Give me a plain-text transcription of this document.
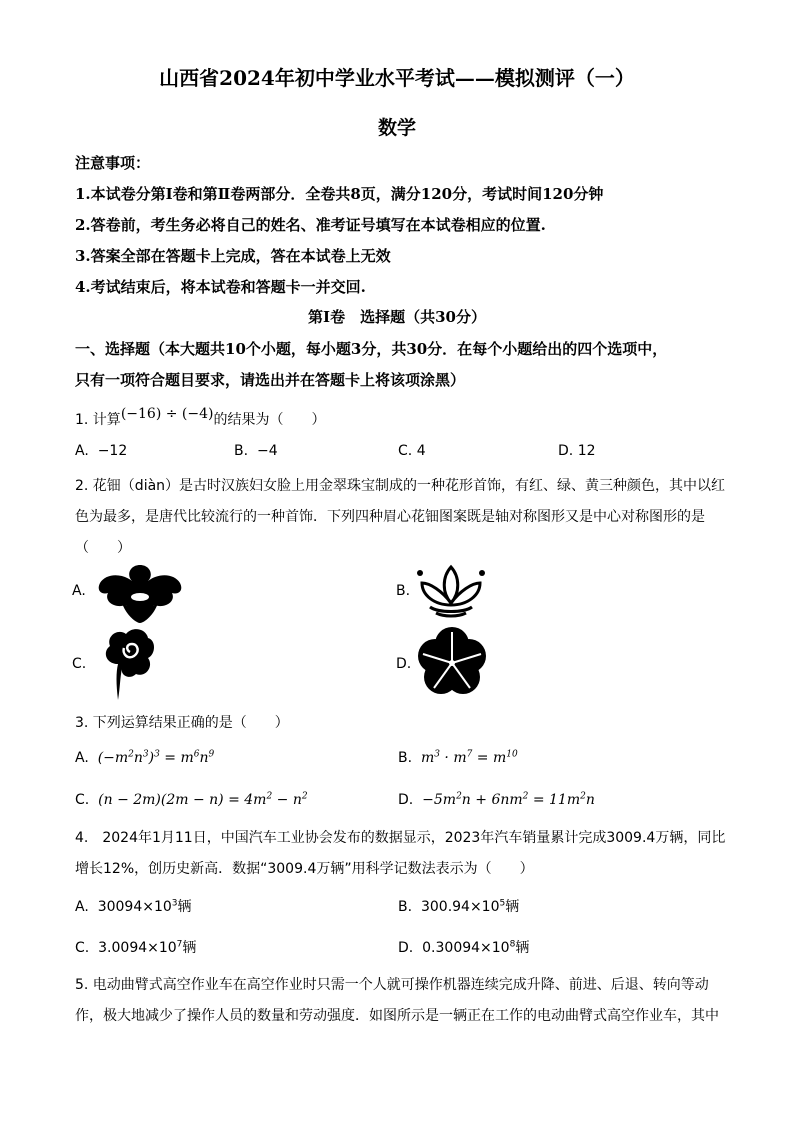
山西省2024年初中学业水平考试——模拟测评（一）
数学
注意事项：
1.本试卷分第Ⅰ卷和第Ⅱ卷两部分．全卷共8页，满分120分，考试时间120分钟
2.答卷前，考生务必将自己的姓名、准考证号填写在本试卷相应的位置.
3.答案全部在答题卡上完成，答在本试卷上无效
4.考试结束后，将本试卷和答题卡一并交回.
第Ⅰ卷　选择题（共30分）
一、选择题（本大题共10个小题，每小题3分，共30分．在每个小题给出的四个选项中，
只有一项符合题目要求，请选出并在答题卡上将该项涂黑）
1. 计算(−16) ÷ (−4)的结果为（　　）
A. −12	B. −4	C. 4	D. 12
2. 花钿（diàn）是古时汉族妇女脸上用金翠珠宝制成的一种花形首饰，有红、绿、黄三种颜色，其中以红
色为最多，是唐代比较流行的一种首饰．下列四种眉心花钿图案既是轴对称图形又是中心对称图形的是
（　　）
A.	B.
C.	D.
3. 下列运算结果正确的是（　　）
A. $(-m^2n^3)^3 = m^6n^9$	B. $m^3 \cdot m^7 = m^{10}$
C. $(n - 2m)(2m - n) = 4m^2 - n^2$	D. $-5m^2n + 6nm^2 = 11m^2n$
4.　2024年1月11日，中国汽车工业协会发布的数据显示，2023年汽车销量累计完成3009.4万辆，同比
增长12%，创历史新高．数据“3009.4万辆”用科学记数法表示为（　　）
A. $30094\times 10^3$辆	B. $300.94\times 10^5$辆
C. $3.0094\times 10^7$辆	D. $0.30094\times 10^8$辆
5. 电动曲臂式高空作业车在高空作业时只需一个人就可操作机器连续完成升降、前进、后退、转向等动
作，极大地减少了操作人员的数量和劳动强度．如图所示是一辆正在工作的电动曲臂式高空作业车，其中
